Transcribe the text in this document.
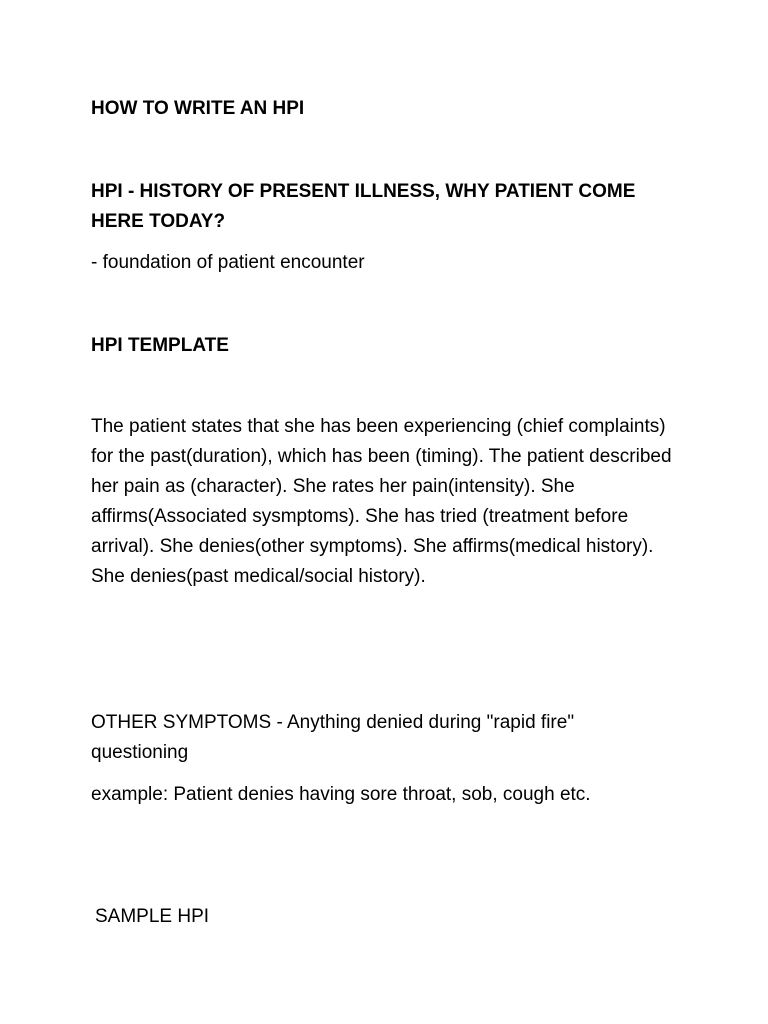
HOW TO WRITE AN HPI

HPI - HISTORY OF PRESENT ILLNESS, WHY PATIENT COME HERE TODAY?

- foundation of patient encounter

HPI TEMPLATE

The patient states that she has been experiencing (chief complaints) for the past(duration), which has been (timing). The patient described her pain as (character). She rates her pain(intensity). She affirms(Associated sysmptoms). She has tried (treatment before arrival). She denies(other symptoms). She affirms(medical history). She denies(past medical/social history).

OTHER SYMPTOMS - Anything denied during "rapid fire" questioning

example: Patient denies having sore throat, sob, cough etc.

SAMPLE HPI
